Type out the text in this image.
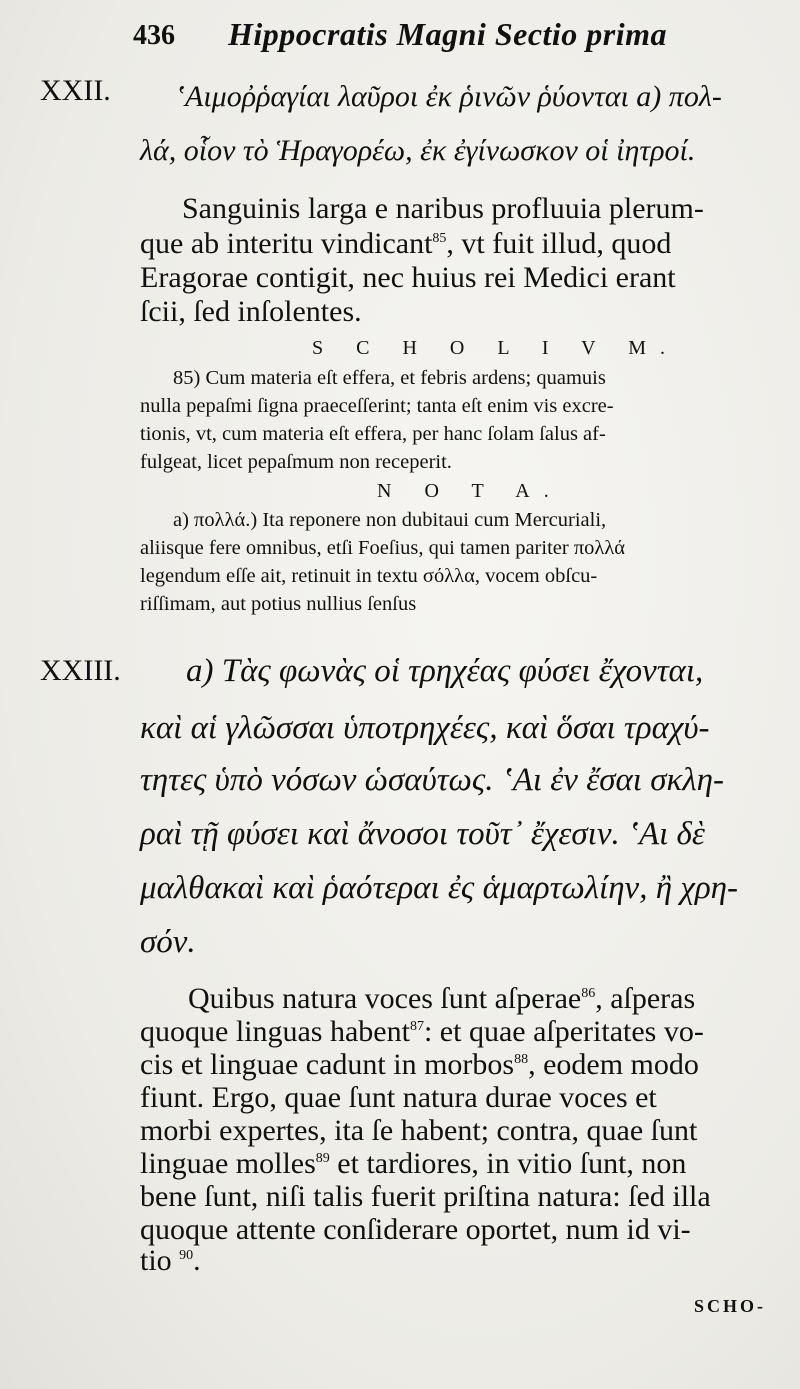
436 Hippocratis Magni Sectio prima
XXII. ʽΑιμοῤῥαγίαι λαῦροι ἐκ ῥινῶν ῥύονται a) πολ-
λά, οἷον τὸ Ἡραγορέω, ἐκ ἐγίνωσκον οἱ ἰητροί.
Sanguinis larga e naribus profluuia plerum-
que ab interitu vindicant$^{85}$, vt fuit illud, quod
Eragorae contigit, nec huius rei Medici erant
ſcii, ſed inſolentes.
S C H O L I V M.
85) Cum materia eſt effera, et febris ardens; quamuis
nulla pepaſmi ſigna praeceſſerint; tanta eſt enim vis excre-
tionis, vt, cum materia eſt effera, per hanc ſolam ſalus af-
fulgeat, licet pepaſmum non receperit.
N O T A.
a) πολλά.) Ita reponere non dubitaui cum Mercuriali,
aliisque fere omnibus, etſi Foeſius, qui tamen pariter πολλά
legendum eſſe ait, retinuit in textu σόλλα, vocem obſcu-
riſſimam, aut potius nullius ſenſus
XXIII. a) Τὰς φωνὰς οἱ τρηχέας φύσει ἔχονται,
καὶ αἱ γλῶσσαι ὑποτρηχέες, καὶ ὅσαι τραχύ-
τητες ὑπὸ νόσων ὡσαύτως. ʽΑι ἐν ἔσαι σκλη-
ραὶ τῇ φύσει καὶ ἄνοσοι τοῦτ᾽ ἔχεσιν. ʽΑι δὲ
μαλθακαὶ καὶ ῥαότεραι ἐς ἁμαρτωλίην, ἢ χρη-
σόν.
Quibus natura voces ſunt aſperae$^{86}$, aſperas
quoque linguas habent$^{87}$: et quae aſperitates vo-
cis et linguae cadunt in morbos$^{88}$, eodem modo
fiunt. Ergo, quae ſunt natura durae voces et
morbi expertes, ita ſe habent; contra, quae ſunt
linguae molles$^{89}$ et tardiores, in vitio ſunt, non
bene ſunt, niſi talis fuerit priſtina natura: ſed illa
quoque attente conſiderare oportet, num id vi-
tio $^{90}$.
SCHO-
